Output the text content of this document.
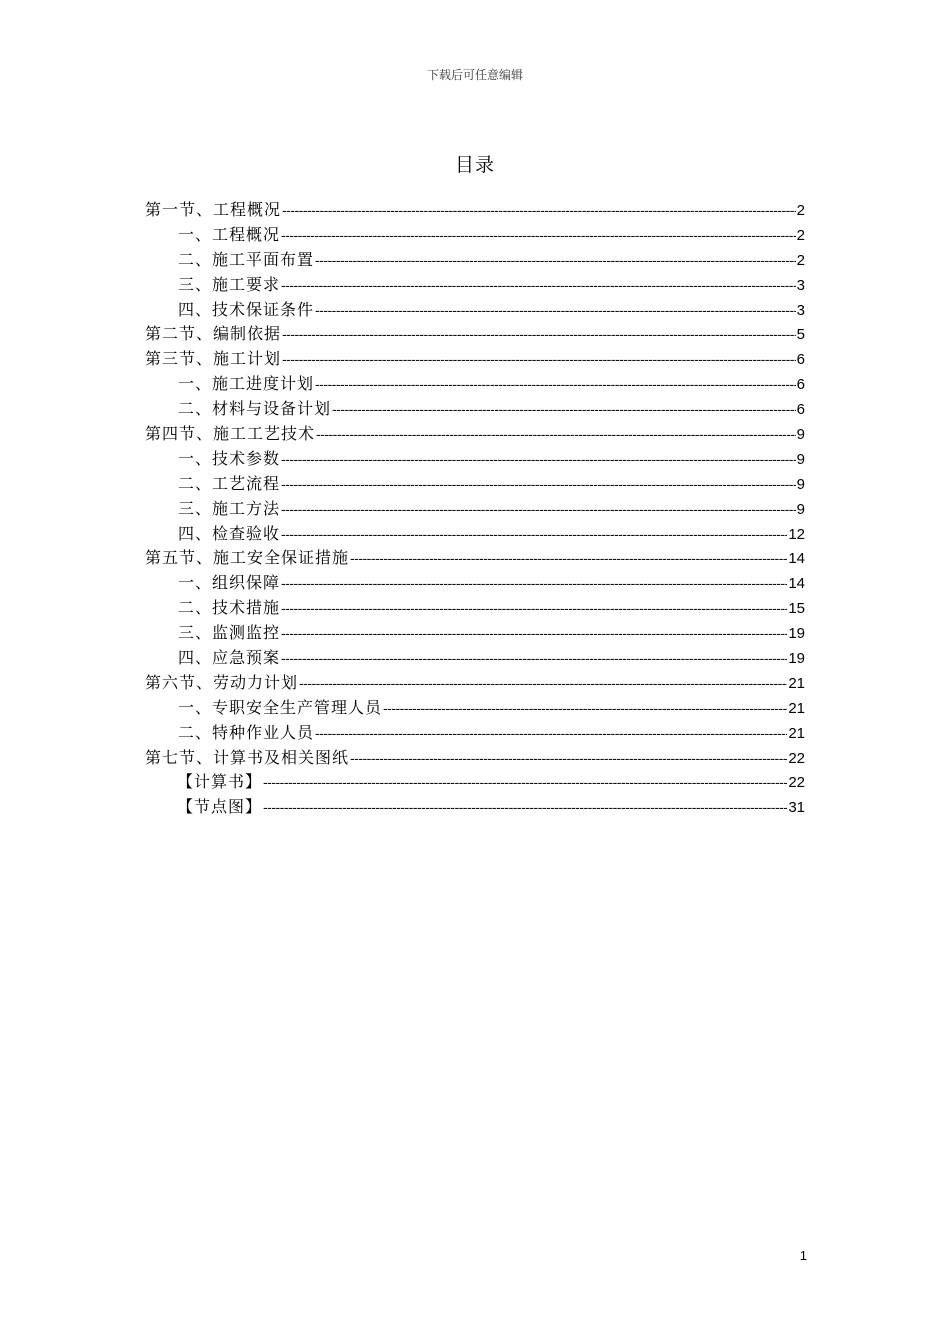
下载后可任意编辑
目录
第一节、工程概况 -----	2
一、工程概况 -----	2
二、施工平面布置 -----	2
三、施工要求 -----	3
四、技术保证条件 -----	3
第二节、编制依据 -----	5
第三节、施工计划 -----	6
一、施工进度计划 -----	6
二、材料与设备计划 -----	6
第四节、施工工艺技术 -----	9
一、技术参数 -----	9
二、工艺流程 -----	9
三、施工方法 -----	9
四、检查验收 -----	12
第五节、施工安全保证措施 -----	14
一、组织保障 -----	14
二、技术措施 -----	15
三、监测监控 -----	19
四、应急预案 -----	19
第六节、劳动力计划 -----	21
一、专职安全生产管理人员 -----	21
二、特种作业人员 -----	21
第七节、计算书及相关图纸 -----	22
【计算书】 -----	22
【节点图】 -----	31
1
